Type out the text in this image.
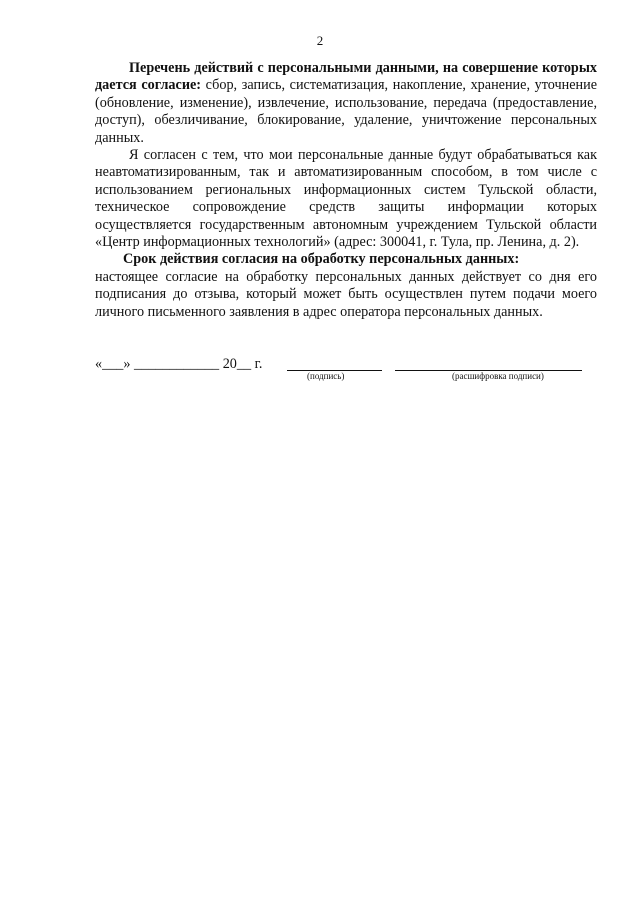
2

Перечень действий с персональными данными, на совершение которых дается согласие: сбор, запись, систематизация, накопление, хранение, уточнение (обновление, изменение), извлечение, использование, передача (предоставление, доступ), обезличивание, блокирование, удаление, уничтожение персональных данных.

Я согласен с тем, что мои персональные данные будут обрабатываться как неавтоматизированным, так и автоматизированным способом, в том числе с использованием региональных информационных систем Тульской области, техническое сопровождение средств защиты информации которых осуществляется государственным автономным учреждением Тульской области «Центр информационных технологий» (адрес: 300041, г. Тула, пр. Ленина, д. 2).

Срок действия согласия на обработку персональных данных:

настоящее согласие на обработку персональных данных действует со дня его подписания до отзыва, который может быть осуществлен путем подачи моего личного письменного заявления в адрес оператора персональных данных.

«___» ____________ 20__ г.
(подпись)	(расшифровка подписи)
